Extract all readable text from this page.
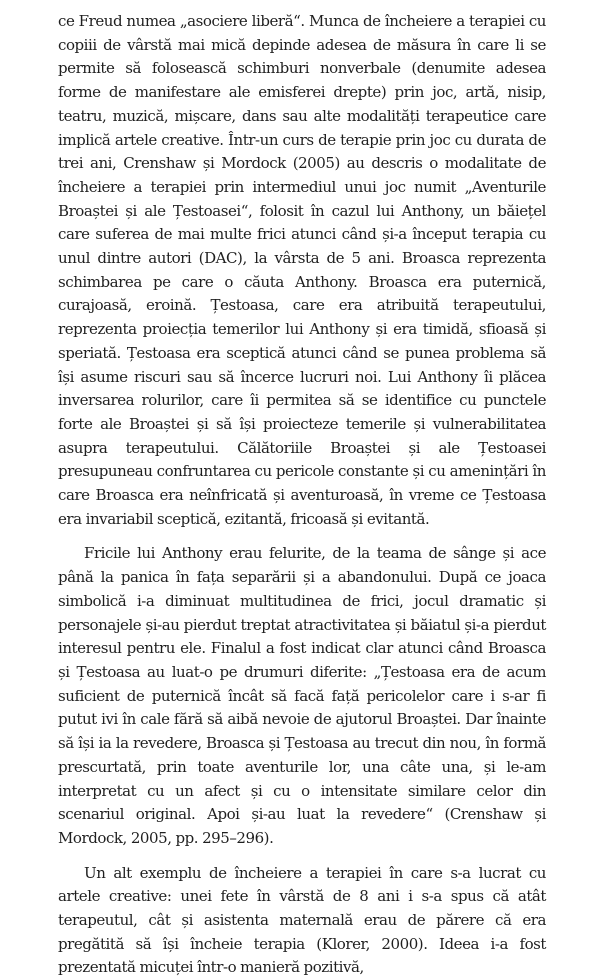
ce Freud numea „asociere liberă“. Munca de încheiere a terapiei cu copiii de vârstă mai mică depinde adesea de măsura în care li se permite să folosească schimburi nonverbale (denumite adesea forme de manifestare ale emisferei drepte) prin joc, artă, nisip, teatru, muzică, mișcare, dans sau alte modalități terapeutice care implică artele creative. Într-un curs de terapie prin joc cu durata de trei ani, Crenshaw și Mordock (2005) au descris o modalitate de încheiere a terapiei prin intermediul unui joc numit „Aventurile Broaștei și ale Țestoasei“, folosit în cazul lui Anthony, un băiețel care suferea de mai multe frici atunci când și-a început terapia cu unul dintre autori (DAC), la vârsta de 5 ani. Broasca reprezenta schimbarea pe care o căuta Anthony. Broasca era puternică, curajoasă, eroină. Țestoasa, care era atribuită terapeutului, reprezenta proiecția temerilor lui Anthony și era timidă, sfioasă și speriată. Țestoasa era sceptică atunci când se punea problema să își asume riscuri sau să încerce lucruri noi. Lui Anthony îi plăcea inversarea rolurilor, care îi permitea să se identifice cu punctele forte ale Broaștei și să își proiecteze temerile și vulnerabilitatea asupra terapeutului. Călătoriile Broaștei și ale Țestoasei presupuneau confruntarea cu pericole constante și cu amenințări în care Broasca era neînfricată și aventuroasă, în vreme ce Țestoasa era invariabil sceptică, ezitantă, fricoasă și evitantă.

Fricile lui Anthony erau felurite, de la teama de sânge și ace până la panica în fața separării și a abandonului. După ce joaca simbolică i-a diminuat multitudinea de frici, jocul dramatic și personajele și-au pierdut treptat atractivitatea și băiatul și-a pierdut interesul pentru ele. Finalul a fost indicat clar atunci când Broasca și Țestoasa au luat-o pe drumuri diferite: „Țestoasa era de acum suficient de puternică încât să facă față pericolelor care i s-ar fi putut ivi în cale fără să aibă nevoie de ajutorul Broaștei. Dar înainte să își ia la revedere, Broasca și Țestoasa au trecut din nou, în formă prescurtată, prin toate aventurile lor, una câte una, și le-am interpretat cu un afect și cu o intensitate similare celor din scenariul original. Apoi și-au luat la revedere“ (Crenshaw și Mordock, 2005, pp. 295–296).

Un alt exemplu de încheiere a terapiei în care s-a lucrat cu artele creative: unei fete în vârstă de 8 ani i s-a spus că atât terapeutul, cât și asistenta maternală erau de părere că era pregătită să își încheie terapia (Klorer, 2000). Ideea i-a fost prezentată micuței într-o manieră pozitivă,
